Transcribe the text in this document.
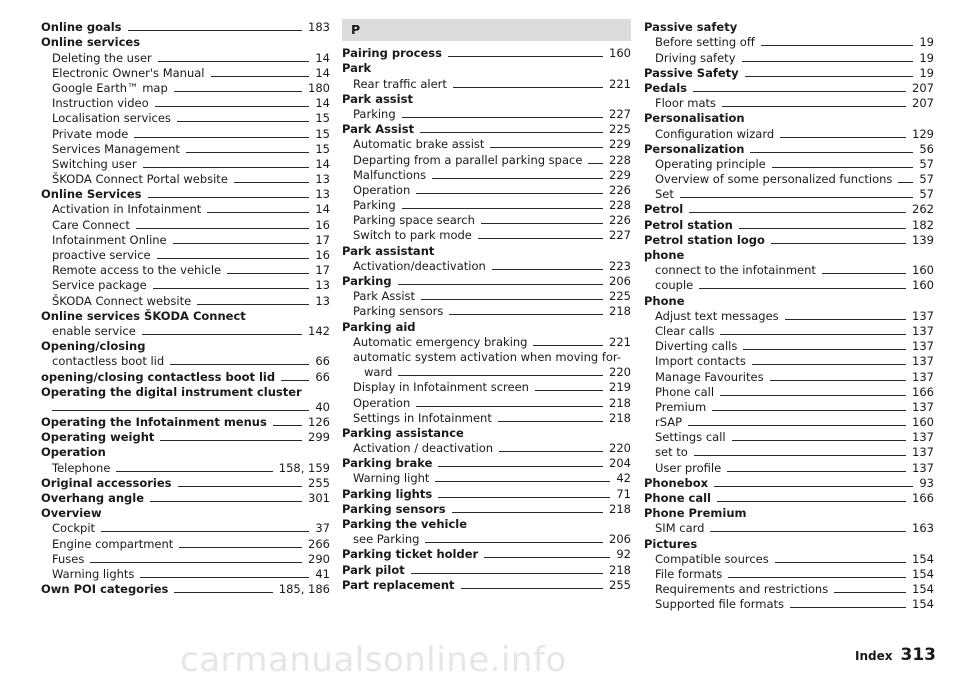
carmanualsonline.info
Online goals	183
Online services
Deleting the user	14
Electronic Owner's Manual	14
Google Earth™ map	180
Instruction video	14
Localisation services	15
Private mode	15
Services Management	15
Switching user	14
ŠKODA Connect Portal website	13
Online Services	13
Activation in Infotainment	14
Care Connect	16
Infotainment Online	17
proactive service	16
Remote access to the vehicle	17
Service package	13
ŠKODA Connect website	13
Online services ŠKODA Connect
enable service	142
Opening/closing
contactless boot lid	66
opening/closing contactless boot lid	66
Operating the digital instrument cluster
40
Operating the Infotainment menus	126
Operating weight	299
Operation
Telephone	158, 159
Original accessories	255
Overhang angle	301
Overview
Cockpit	37
Engine compartment	266
Fuses	290
Warning lights	41
Own POI categories	185, 186
P
Pairing process	160
Park
Rear traffic alert	221
Park assist
Parking	227
Park Assist	225
Automatic brake assist	229
Departing from a parallel parking space 228
Malfunctions	229
Operation	226
Parking	228
Parking space search	226
Switch to park mode	227
Park assistant
Activation/deactivation	223
Parking	206
Park Assist	225
Parking sensors	218
Parking aid
Automatic emergency braking	221
automatic system activation when moving for-
ward	220
Display in Infotainment screen	219
Operation	218
Settings in Infotainment	218
Parking assistance
Activation / deactivation	220
Parking brake	204
Warning light	42
Parking lights	71
Parking sensors	218
Parking the vehicle
see Parking	206
Parking ticket holder	92
Park pilot	218
Part replacement	255
Passive safety
Before setting off	19
Driving safety	19
Passive Safety	19
Pedals	207
Floor mats	207
Personalisation
Configuration wizard	129
Personalization	56
Operating principle	57
Overview of some personalized functions 57
Set	57
Petrol	262
Petrol station	182
Petrol station logo	139
phone
connect to the infotainment	160
couple	160
Phone
Adjust text messages	137
Clear calls	137
Diverting calls	137
Import contacts	137
Manage Favourites	137
Phone call	166
Premium	137
rSAP	160
Settings call	137
set to	137
User profile	137
Phonebox	93
Phone call	166
Phone Premium
SIM card	163
Pictures
Compatible sources	154
File formats	154
Requirements and restrictions	154
Supported file formats	154
Index 313
